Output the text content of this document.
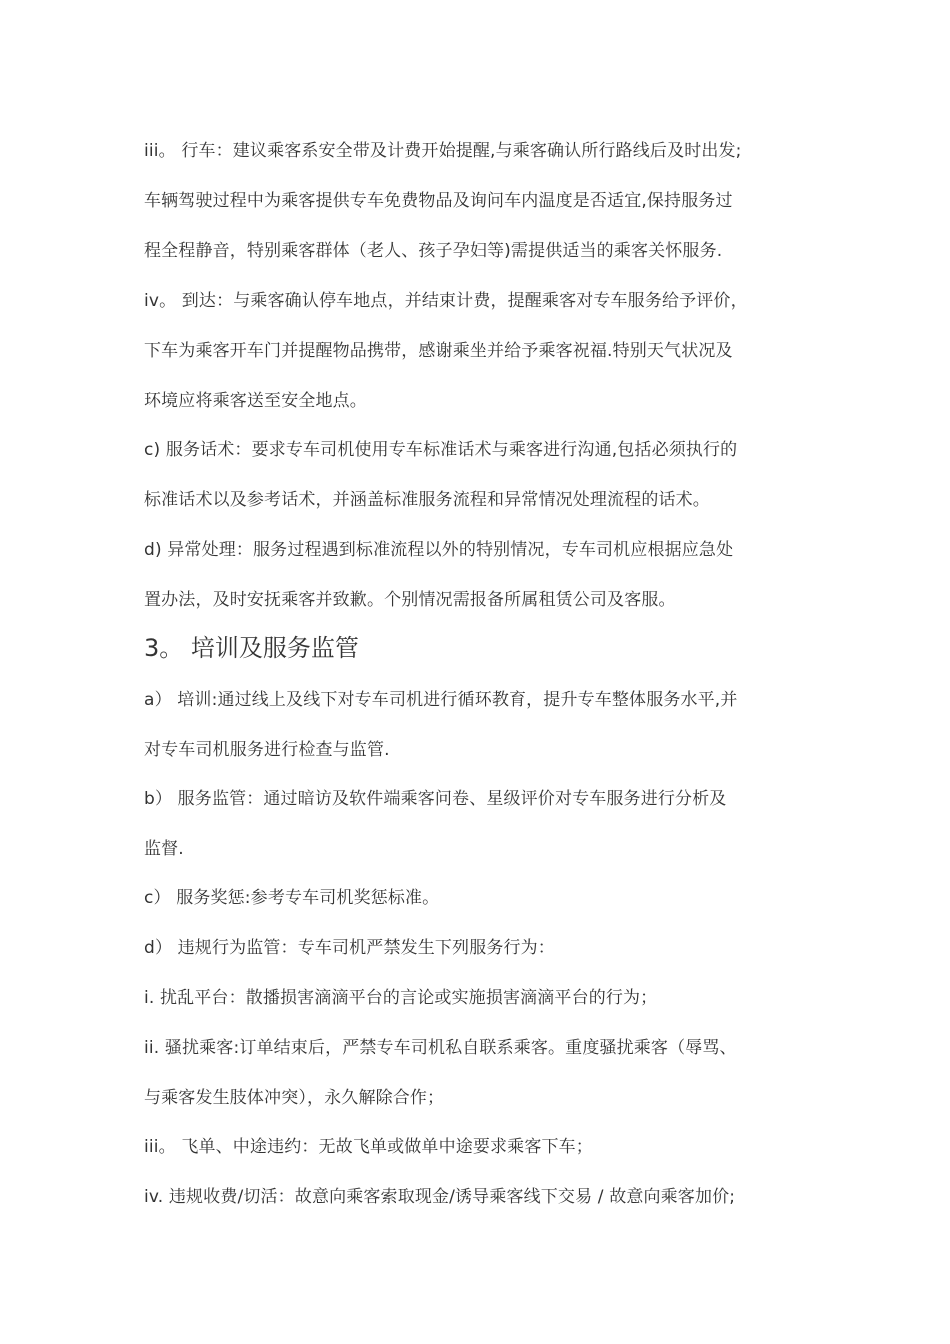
iii。 行车：建议乘客系安全带及计费开始提醒,与乘客确认所行路线后及时出发;
车辆驾驶过程中为乘客提供专车免费物品及询问车内温度是否适宜,保持服务过
程全程静音，特别乘客群体（老人、孩子孕妇等)需提供适当的乘客关怀服务.
iv。 到达：与乘客确认停车地点，并结束计费，提醒乘客对专车服务给予评价，
下车为乘客开车门并提醒物品携带，感谢乘坐并给予乘客祝福.特别天气状况及
环境应将乘客送至安全地点。
c) 服务话术：要求专车司机使用专车标准话术与乘客进行沟通,包括必须执行的
标准话术以及参考话术，并涵盖标准服务流程和异常情况处理流程的话术。
d) 异常处理：服务过程遇到标准流程以外的特别情况，专车司机应根据应急处
置办法，及时安抚乘客并致歉。个别情况需报备所属租赁公司及客服。
3。 培训及服务监管
a） 培训:通过线上及线下对专车司机进行循环教育，提升专车整体服务水平,并
对专车司机服务进行检查与监管.
b） 服务监管：通过暗访及软件端乘客问卷、星级评价对专车服务进行分析及
监督.
c） 服务奖惩:参考专车司机奖惩标准。
d） 违规行为监管：专车司机严禁发生下列服务行为：
i. 扰乱平台：散播损害滴滴平台的言论或实施损害滴滴平台的行为；
ii. 骚扰乘客:订单结束后，严禁专车司机私自联系乘客。重度骚扰乘客（辱骂、
与乘客发生肢体冲突），永久解除合作；
iii。 飞单、中途违约：无故飞单或做单中途要求乘客下车；
iv. 违规收费/切活：故意向乘客索取现金/诱导乘客线下交易 / 故意向乘客加价;
